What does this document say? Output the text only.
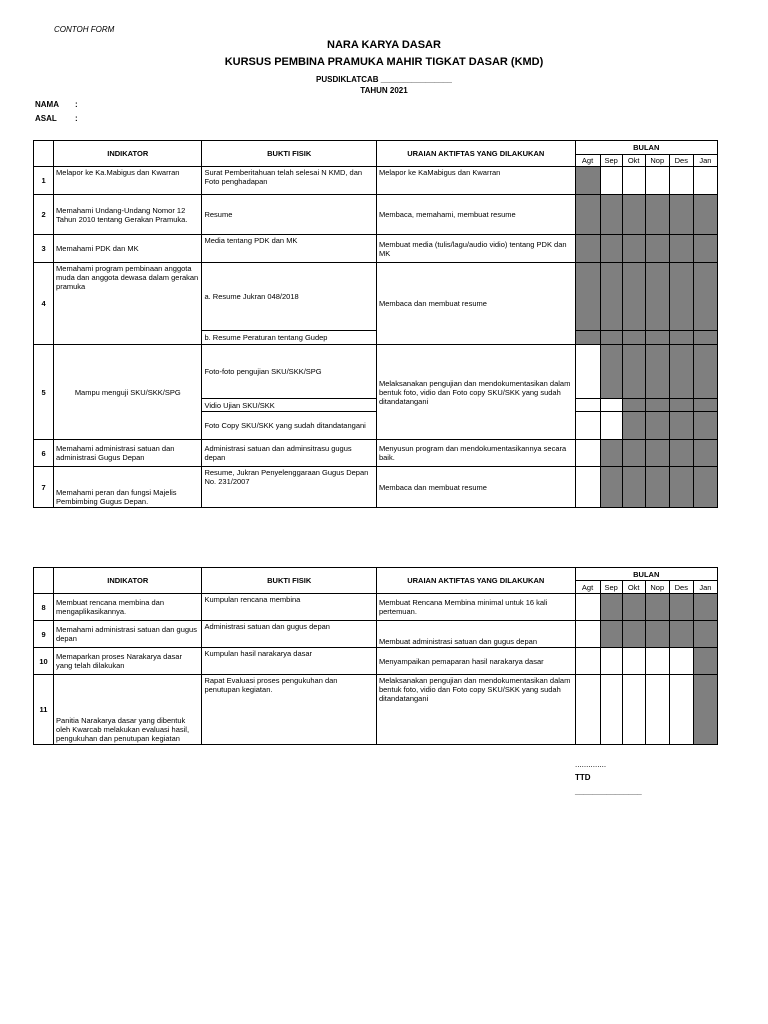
CONTOH FORM
NARA KARYA DASAR
KURSUS PEMBINA PRAMUKA MAHIR TIGKAT DASAR (KMD)
PUSDIKLATCAB ________________
TAHUN 2021
NAMA :
ASAL :
	INDIKATOR	BUKTI FISIK	URAIAN AKTIFTAS YANG DILAKUKAN	BULAN					
				Agt	Sep	Okt	Nop	Des	Jan
1	Melapor ke Ka.Mabigus dan Kwarran	Surat Pemberitahuan telah selesai N KMD, dan Foto penghadapan	Melapor ke KaMabigus dan Kwarran						
2	Memahami Undang-Undang Nomor 12 Tahun 2010 tentang Gerakan Pramuka.	Resume	Membaca, memahami, membuat resume						
3	Memahami PDK dan MK	Media tentang PDK dan MK	Membuat media (tulis/lagu/audio vidio) tentang PDK dan MK						
4	Memahami program pembinaan anggota muda dan anggota dewasa dalam gerakan pramuka	a. Resume Jukran 048/2018	Membaca dan membuat resume						
		b. Resume Peraturan tentang Gudep							
5	Mampu menguji SKU/SKK/SPG	Foto-foto pengujian SKU/SKK/SPG	Melaksanakan pengujian dan mendokumentasikan dalam bentuk foto, vidio dan Foto copy SKU/SKK yang sudah ditandatangani						
		Vidio Ujian SKU/SKK							
		Foto Copy SKU/SKK yang sudah ditandatangani							
6	Memahami administrasi satuan dan administrasi Gugus Depan	Administrasi satuan dan adminsitrasu gugus depan	Menyusun program dan mendokumentasikannya secara baik.						
7	Memahami peran dan fungsi Majelis Pembimbing Gugus Depan.	Resume, Jukran Penyelenggaraan Gugus Depan No. 231/2007	Membaca dan membuat resume						
	INDIKATOR	BUKTI FISIK	URAIAN AKTIFTAS YANG DILAKUKAN	BULAN					
				Agt	Sep	Okt	Nop	Des	Jan
8	Membuat rencana membina dan mengaplikasikannya.	Kumpulan rencana membina	Membuat Rencana Membina minimal untuk 16 kali pertemuan.						
9	Memahami administrasi satuan dan gugus depan	Administrasi satuan dan gugus depan	Membuat administrasi satuan dan gugus depan						
10	Memaparkan proses Narakarya dasar yang telah dilakukan	Kumpulan hasil narakarya dasar	Menyampaikan pemaparan hasil narakarya dasar						
11	Panitia Narakarya dasar yang dibentuk oleh Kwarcab melakukan evaluasi hasil, pengukuhan dan penutupan kegiatan	Rapat Evaluasi proses pengukuhan dan penutupan kegiatan.	Melaksanakan pengujian dan mendokumentasikan dalam bentuk foto, vidio dan Foto copy SKU/SKK yang sudah ditandatangani						
..............
TTD
_______________
